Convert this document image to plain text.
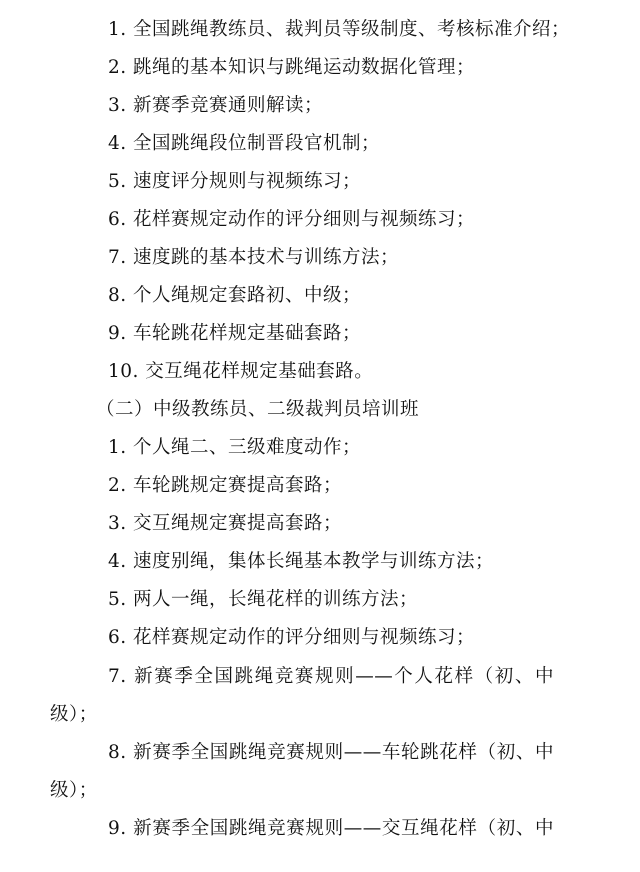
1. 全国跳绳教练员、裁判员等级制度、考核标准介绍；
2. 跳绳的基本知识与跳绳运动数据化管理；
3. 新赛季竞赛通则解读；
4. 全国跳绳段位制晋段官机制；
5. 速度评分规则与视频练习；
6. 花样赛规定动作的评分细则与视频练习；
7. 速度跳的基本技术与训练方法；
8. 个人绳规定套路初、中级；
9. 车轮跳花样规定基础套路；
10. 交互绳花样规定基础套路。
（二）中级教练员、二级裁判员培训班
1. 个人绳二、三级难度动作；
2. 车轮跳规定赛提高套路；
3. 交互绳规定赛提高套路；
4. 速度别绳，集体长绳基本教学与训练方法；
5. 两人一绳，长绳花样的训练方法；
6. 花样赛规定动作的评分细则与视频练习；
7. 新赛季全国跳绳竞赛规则——个人花样（初、中
级）；
8. 新赛季全国跳绳竞赛规则——车轮跳花样（初、中
级）；
9. 新赛季全国跳绳竞赛规则——交互绳花样（初、中
